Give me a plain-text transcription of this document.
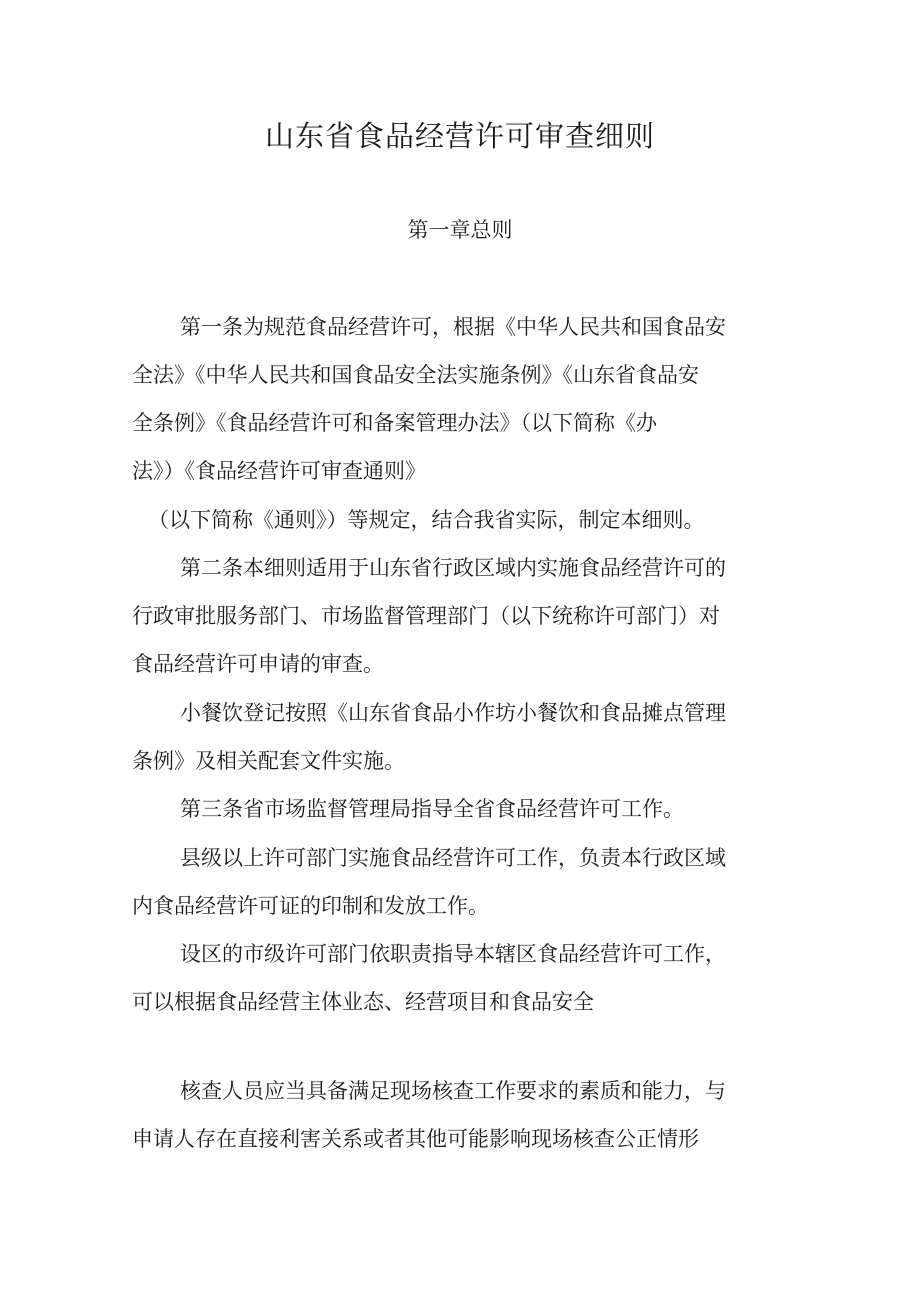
山东省食品经营许可审查细则
第一章总则

第一条为规范食品经营许可，根据《中华人民共和国食品安

全法》《中华人民共和国食品安全法实施条例》《山东省食品安

全条例》《食品经营许可和备案管理办法》（以下简称《办

法》）《食品经营许可审查通则》

（以下简称《通则》）等规定，结合我省实际，制定本细则。

第二条本细则适用于山东省行政区域内实施食品经营许可的

行政审批服务部门、市场监督管理部门（以下统称许可部门）对

食品经营许可申请的审查。

小餐饮登记按照《山东省食品小作坊小餐饮和食品摊点管理

条例》及相关配套文件实施。

第三条省市场监督管理局指导全省食品经营许可工作。

县级以上许可部门实施食品经营许可工作，负责本行政区域

内食品经营许可证的印制和发放工作。

设区的市级许可部门依职责指导本辖区食品经营许可工作，

可以根据食品经营主体业态、经营项目和食品安全

核查人员应当具备满足现场核查工作要求的素质和能力，与

申请人存在直接利害关系或者其他可能影响现场核查公正情形
